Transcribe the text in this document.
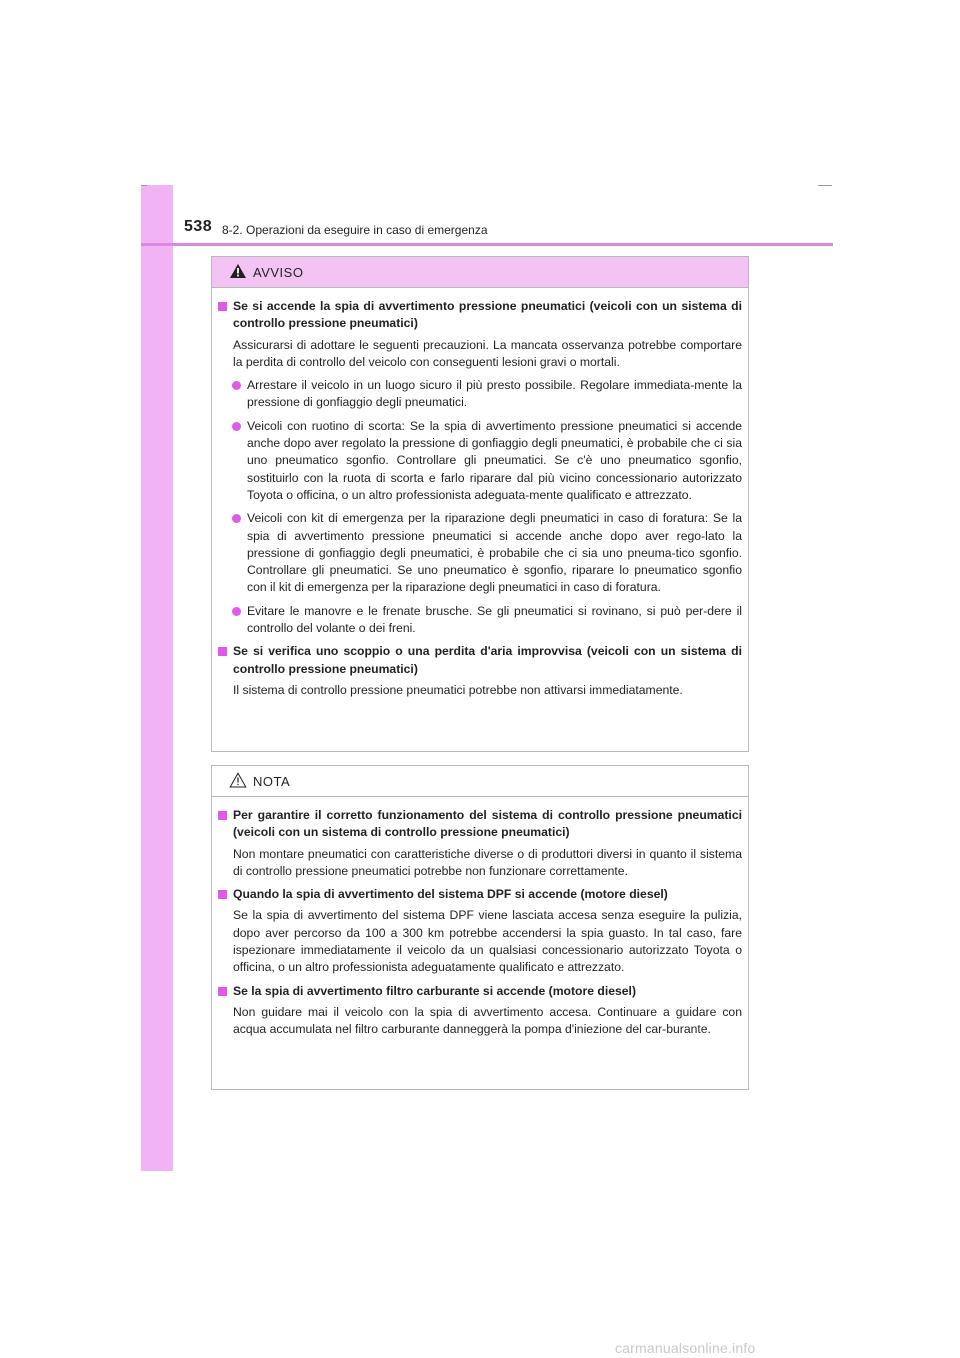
538 8-2. Operazioni da eseguire in caso di emergenza
AVVISO
Se si accende la spia di avvertimento pressione pneumatici (veicoli con un sistema di controllo pressione pneumatici)
Assicurarsi di adottare le seguenti precauzioni. La mancata osservanza potrebbe comportare la perdita di controllo del veicolo con conseguenti lesioni gravi o mortali.
Arrestare il veicolo in un luogo sicuro il più presto possibile. Regolare immediata-mente la pressione di gonfiaggio degli pneumatici.
Veicoli con ruotino di scorta: Se la spia di avvertimento pressione pneumatici si accende anche dopo aver regolato la pressione di gonfiaggio degli pneumatici, è probabile che ci sia uno pneumatico sgonfio. Controllare gli pneumatici. Se c'è uno pneumatico sgonfio, sostituirlo con la ruota di scorta e farlo riparare dal più vicino concessionario autorizzato Toyota o officina, o un altro professionista adeguata-mente qualificato e attrezzato.
Veicoli con kit di emergenza per la riparazione degli pneumatici in caso di foratura: Se la spia di avvertimento pressione pneumatici si accende anche dopo aver rego-lato la pressione di gonfiaggio degli pneumatici, è probabile che ci sia uno pneuma-tico sgonfio. Controllare gli pneumatici. Se uno pneumatico è sgonfio, riparare lo pneumatico sgonfio con il kit di emergenza per la riparazione degli pneumatici in caso di foratura.
Evitare le manovre e le frenate brusche. Se gli pneumatici si rovinano, si può per-dere il controllo del volante o dei freni.
Se si verifica uno scoppio o una perdita d'aria improvvisa (veicoli con un sistema di controllo pressione pneumatici)
Il sistema di controllo pressione pneumatici potrebbe non attivarsi immediatamente.
NOTA
Per garantire il corretto funzionamento del sistema di controllo pressione pneumatici (veicoli con un sistema di controllo pressione pneumatici)
Non montare pneumatici con caratteristiche diverse o di produttori diversi in quanto il sistema di controllo pressione pneumatici potrebbe non funzionare correttamente.
Quando la spia di avvertimento del sistema DPF si accende (motore diesel)
Se la spia di avvertimento del sistema DPF viene lasciata accesa senza eseguire la pulizia, dopo aver percorso da 100 a 300 km potrebbe accendersi la spia guasto. In tal caso, fare ispezionare immediatamente il veicolo da un qualsiasi concessionario autorizzato Toyota o officina, o un altro professionista adeguatamente qualificato e attrezzato.
Se la spia di avvertimento filtro carburante si accende (motore diesel)
Non guidare mai il veicolo con la spia di avvertimento accesa. Continuare a guidare con acqua accumulata nel filtro carburante danneggerà la pompa d'iniezione del car-burante.
carmanualsonline.info
